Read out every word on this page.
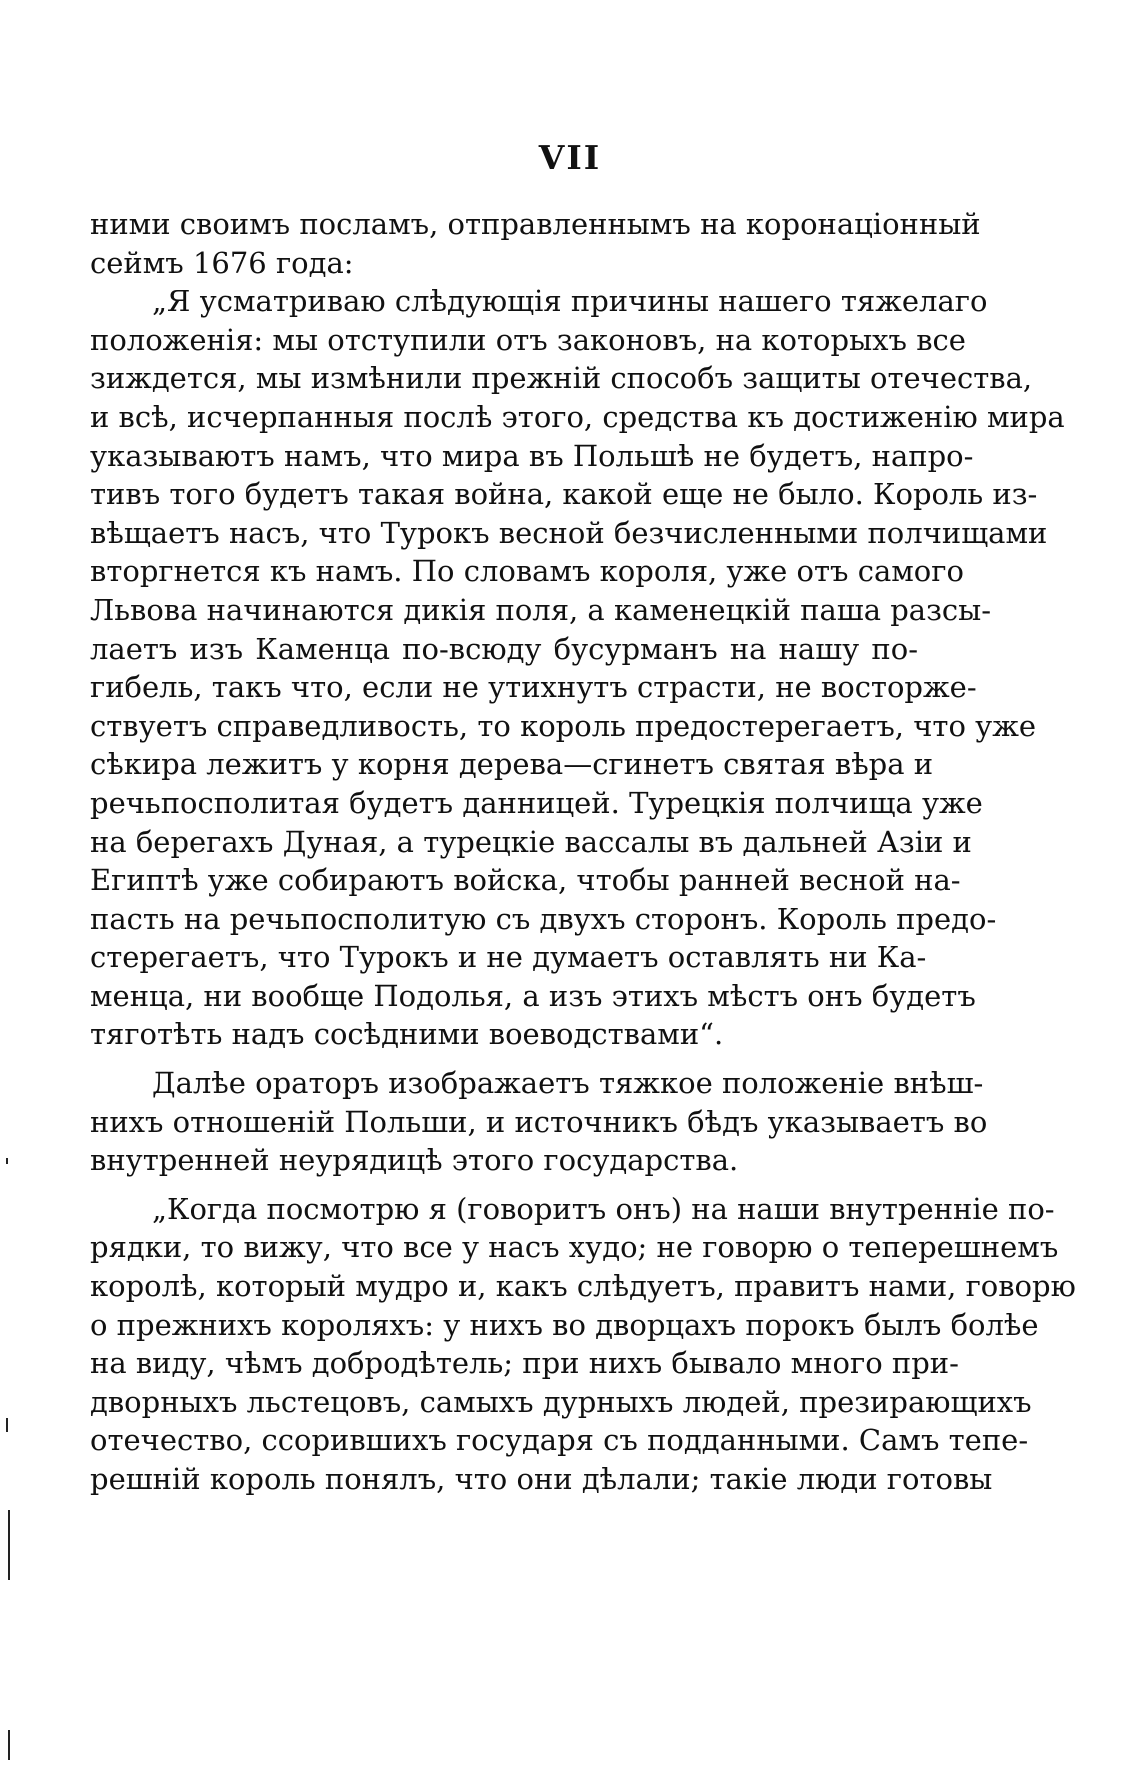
VII
ними своимъ посламъ, отправленнымъ на коронаціонный
сеймъ 1676 года:
„Я усматриваю слѣдующія причины нашего тяжелаго
положенія: мы отступили отъ законовъ, на которыхъ все
зиждется, мы измѣнили прежній способъ защиты отечества,
и всѣ, исчерпанныя послѣ этого, средства къ достиженію мира
указываютъ намъ, что мира въ Польшѣ не будетъ, напро-
тивъ того будетъ такая война, какой еще не было. Король из-
вѣщаетъ насъ, что Турокъ весной безчисленными полчищами
вторгнется къ намъ. По словамъ короля, уже отъ самого
Львова начинаются дикія поля, а каменецкій паша разсы-
лаетъ изъ Каменца по-всюду бусурманъ на нашу по-
гибель, такъ что, если не утихнутъ страсти, не восторже-
ствуетъ справедливость, то король предостерегаетъ, что уже
сѣкира лежитъ у корня дерева—сгинетъ святая вѣра и
речьпосполитая будетъ данницей. Турецкія полчища уже
на берегахъ Дуная, а турецкіе вассалы въ дальней Азіи и
Египтѣ уже собираютъ войска, чтобы ранней весной на-
пасть на речьпосполитую съ двухъ сторонъ. Король предо-
стерегаетъ, что Турокъ и не думаетъ оставлять ни Ка-
менца, ни вообще Подолья, а изъ этихъ мѣстъ онъ будетъ
тяготѣть надъ сосѣдними воеводствами“.
Далѣе ораторъ изображаетъ тяжкое положеніе внѣш-
нихъ отношеній Польши, и источникъ бѣдъ указываетъ во
внутренней неурядицѣ этого государства.
„Когда посмотрю я (говоритъ онъ) на наши внутренніе по-
рядки, то вижу, что все у насъ худо; не говорю о теперешнемъ
королѣ, который мудро и, какъ слѣдуетъ, правитъ нами, говорю
о прежнихъ короляхъ: у нихъ во дворцахъ порокъ былъ болѣе
на виду, чѣмъ добродѣтель; при нихъ бывало много при-
дворныхъ льстецовъ, самыхъ дурныхъ людей, презирающихъ
отечество, ссорившихъ государя съ подданными. Самъ тепе-
решній король понялъ, что они дѣлали; такіе люди готовы
